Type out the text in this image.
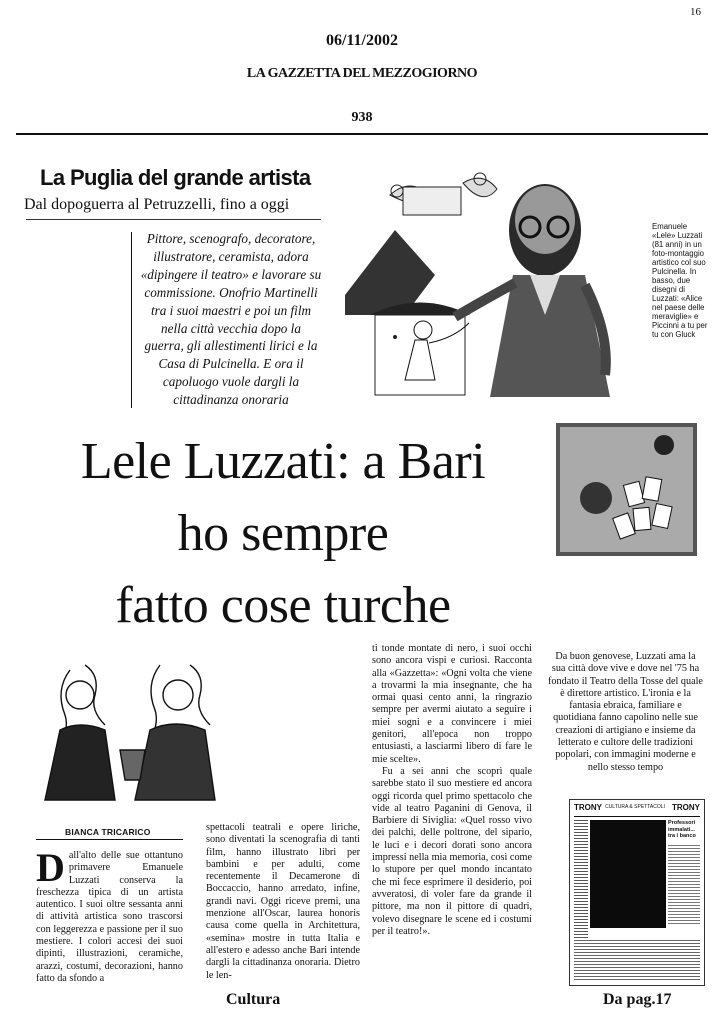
16
06/11/2002
LA GAZZETTA DEL MEZZOGIORNO
938
La Puglia del grande artista
Dal dopoguerra al Petruzzelli, fino a oggi
Pittore, scenografo, decoratore, illustratore, ceramista, adora «dipingere il teatro» e lavorare su commissione. Onofrio Martinelli tra i suoi maestri e poi un film nella città vecchia dopo la guerra, gli allestimenti lirici e la Casa di Pulcinella. E ora il capoluogo vuole dargli la cittadinanza onoraria
Emanuele «Lele» Luzzati (81 anni) in un foto-montaggio artistico col suo Pulcinella. In basso, due disegni di Luzzati: «Alice nel paese delle meraviglie» e Piccinni a tu per tu con Gluck
Lele Luzzati: a Bari
ho sempre
fatto cose turche
BIANCA TRICARICO
D all'alto delle sue ottantuno primavere Emanuele Luzzati conserva la freschezza tipica di un artista autentico. I suoi oltre sessanta anni di attività artistica sono trascorsi con leggerezza e passione per il suo mestiere. I colori accesi dei suoi dipinti, illustrazioni, ceramiche, arazzi, costumi, decorazioni, hanno fatto da sfondo a

spettacoli teatrali e opere liriche, sono diventati la scenografia di tanti film, hanno illustrato libri per bambini e per adulti, come recentemente il Decamerone di Boccaccio, hanno arredato, infine, grandi navi. Oggi riceve premi, una menzione all'Oscar, laurea honoris causa come quella in Architettura, «semina» mostre in tutta Italia e all'estero e adesso anche Bari intende dargli la cittadinanza onoraria. Dietro le len-

ti tonde montate di nero, i suoi occhi sono ancora vispi e curiosi. Racconta alla «Gazzetta»: «Ogni volta che viene a trovarmi la mia insegnante, che ha ormai quasi cento anni, la ringrazio sempre per avermi aiutato a seguire i miei sogni e a convincere i miei genitori, all'epoca non troppo entusiasti, a lasciarmi libero di fare le mie scelte».

Fu a sei anni che scoprì quale sarebbe stato il suo mestiere ed ancora oggi ricorda quel primo spettacolo che vide al teatro Paganini di Genova, il Barbiere di Siviglia: «Quel rosso vivo dei palchi, delle poltrone, del sipario, le luci e i decori dorati sono ancora impressi nella mia memoria, così come lo stupore per quel mondo incantato che mi fece esprimere il desiderio, poi avveratosi, di voler fare da grande il pittore, ma non il pittore di quadri, volevo disegnare le scene ed i costumi per il teatro!».

Da buon genovese, Luzzati ama la sua città dove vive e dove nel '75 ha fondato il Teatro della Tosse del quale è direttore artistico. L'ironia e la fantasia ebraica, familiare e quotidiana fanno capolino nelle sue creazioni di artigiano e insieme da letterato e cultore delle tradizioni popolari, con immagini moderne e nello stesso tempo

TRONY CULTURA & SPETTACOLI TRONY
Professori immalati... tra i banco
Cultura	Da pag.17
